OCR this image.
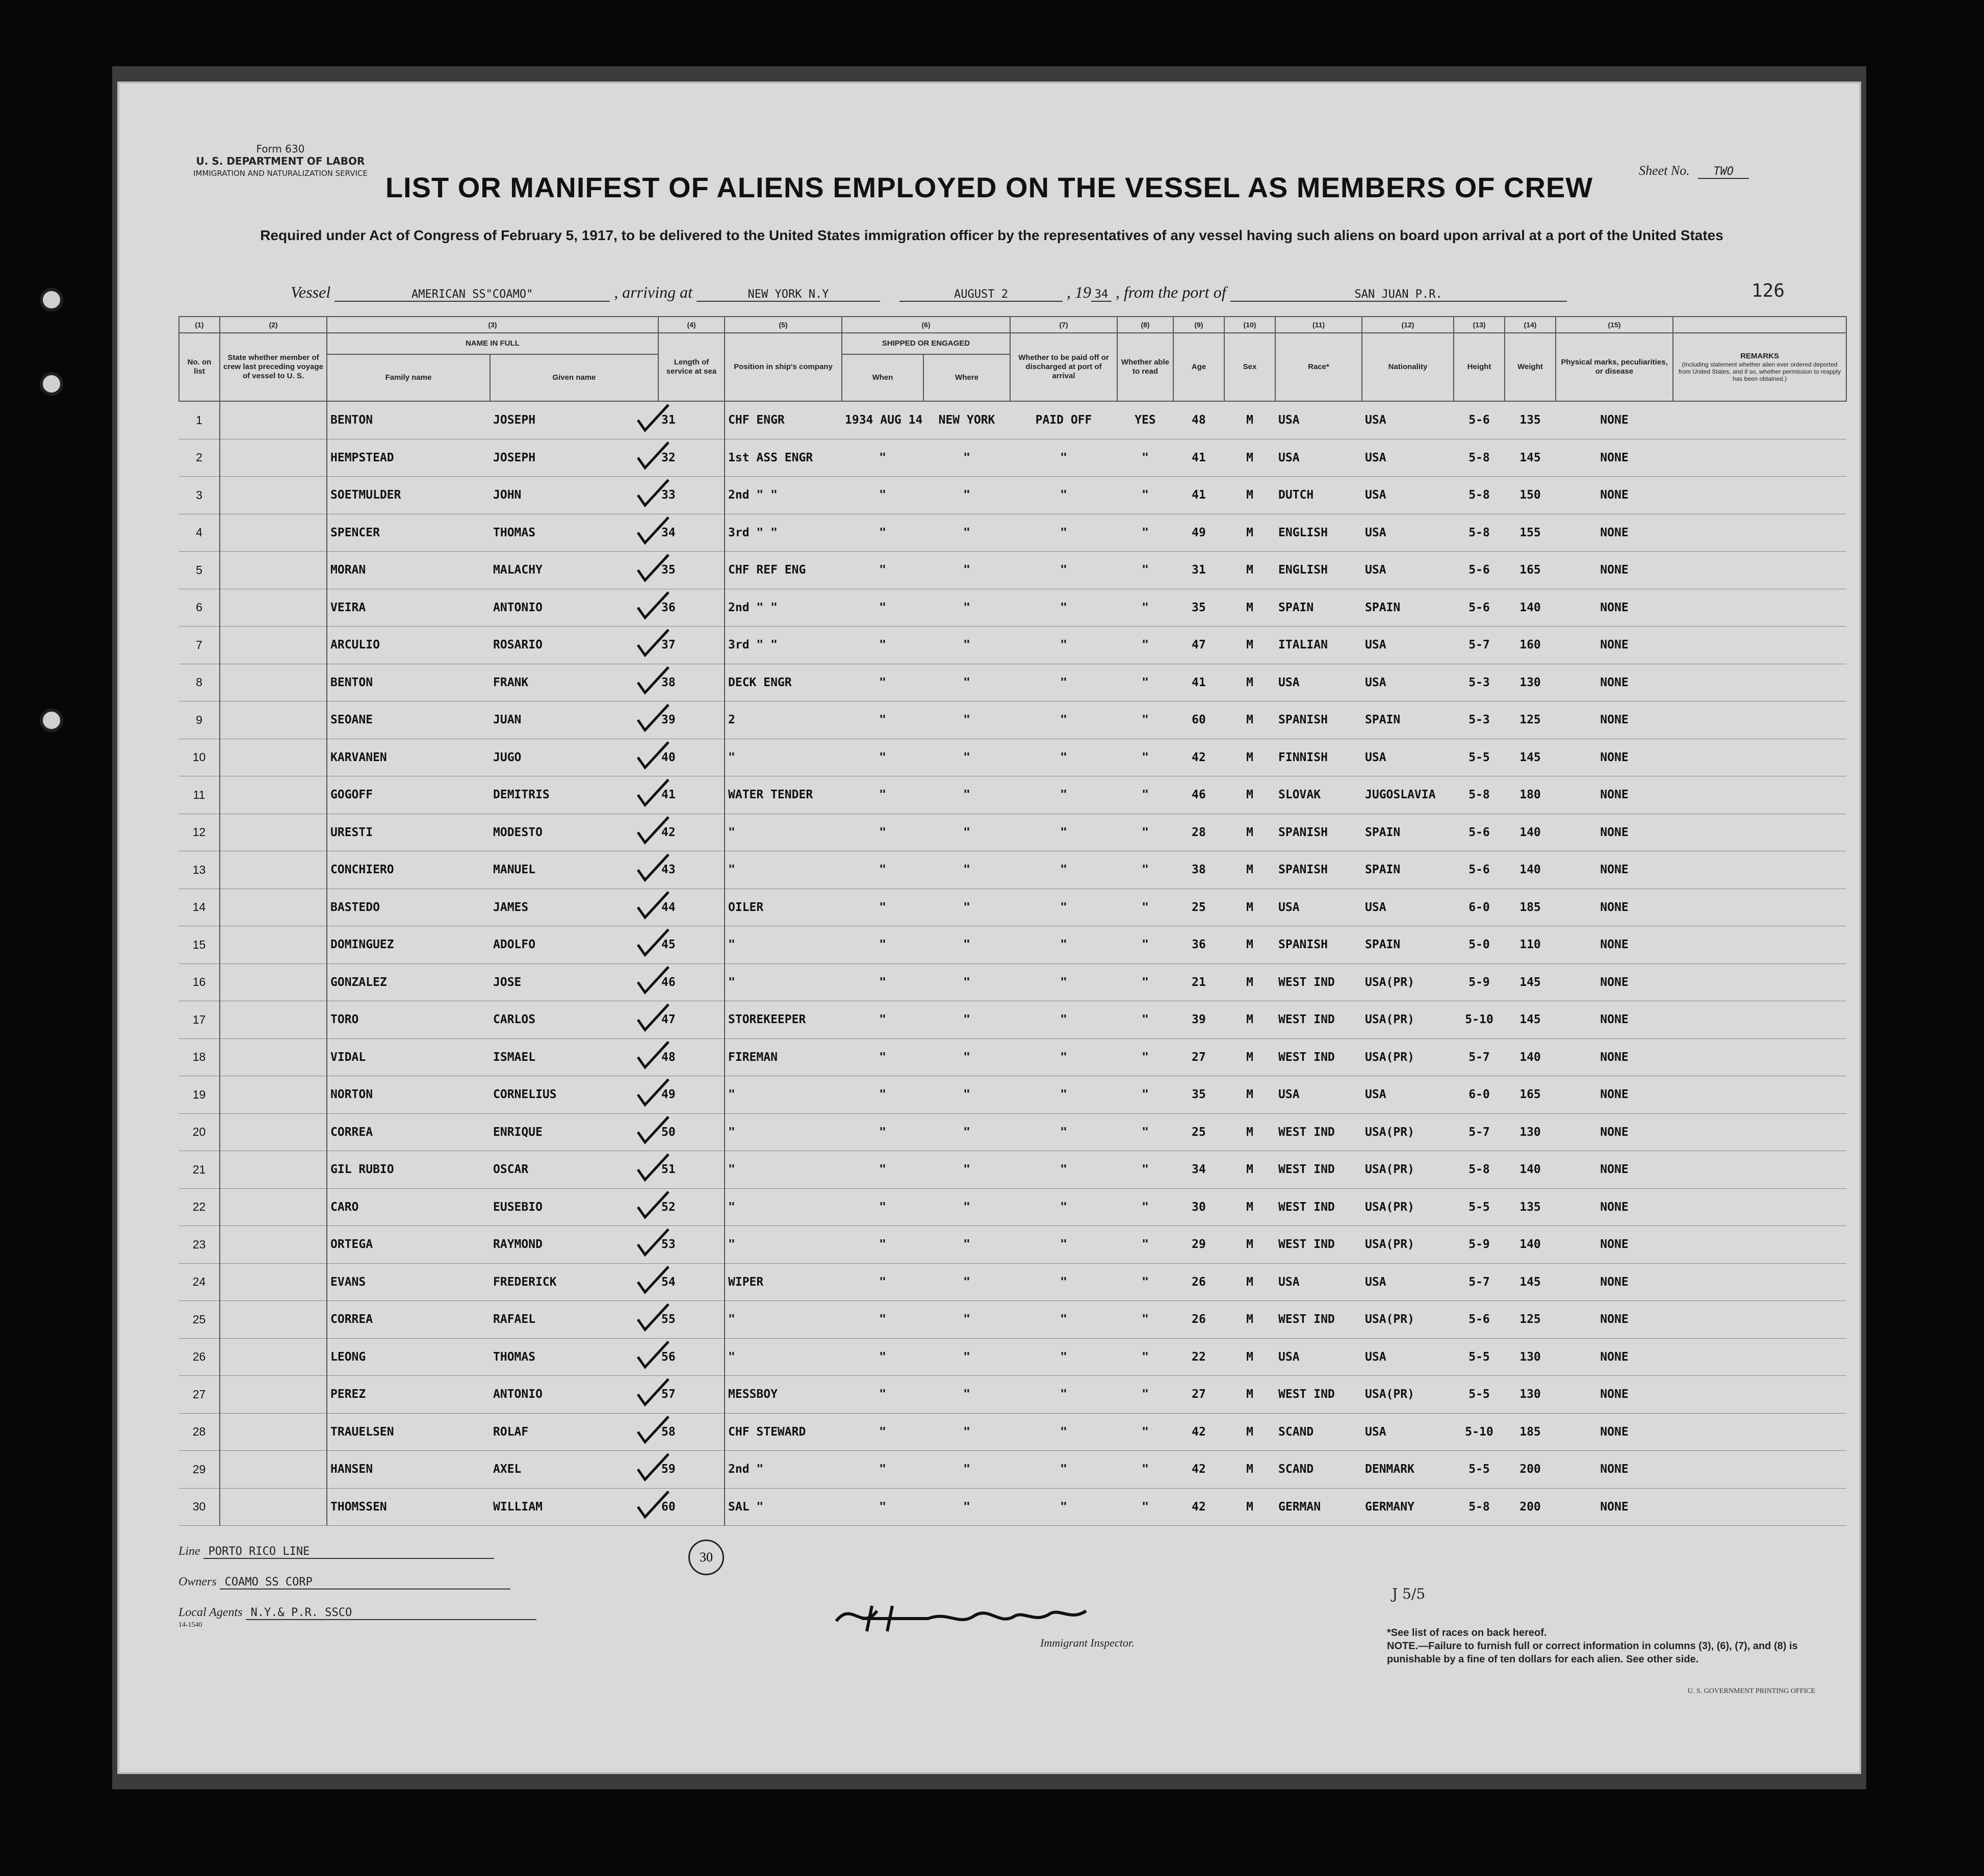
Form 630
U. S. DEPARTMENT OF LABOR
IMMIGRATION AND NATURALIZATION SERVICE	Sheet No. TWO
LIST OR MANIFEST OF ALIENS EMPLOYED ON THE VESSEL AS MEMBERS OF CREW
Required under Act of Congress of February 5, 1917, to be delivered to the United States immigration officer by the representatives of any vessel having such aliens on board upon arrival at a port of the United States
Vessel	AMERICAN SS"COAMO"	, arriving at	NEW YORK N.Y	AUGUST 2	, 19 34 , from the port of	SAN JUAN P.R.	126
(1)	(2)	(3)		(4)	(5)	(6)		(7)	(8)	(9)	(10)	(11)	(12)	(13)	(14)	(15)	
No. on list	State whether member of crew last preceding voyage of vessel to U. S.	NAME IN FULL		Length of service at sea	Position in ship's company	SHIPPED OR ENGAGED		Whether to be paid off or discharged at port of arrival	Whether able to read	Age	Sex	Race*	Nationality	Height	Weight	Physical marks, peculiarities, or disease	REMARKS
(Including statement whether alien ever ordered deported from United States, and if so, whether permission to reapply has been obtained.)

		Family name	Given name			When	Where										
1		BENTON	JOSEPH	31	CHF ENGR	1934 AUG 14	NEW YORK	PAID OFF	YES	48	M	USA	USA	5-6	135	NONE	
2		HEMPSTEAD	JOSEPH	32	1st ASS ENGR	"	"	"	"	41	M	USA	USA	5-8	145	NONE	
3		SOETMULDER	JOHN	33	2nd " "	"	"	"	"	41	M	DUTCH	USA	5-8	150	NONE	
4		SPENCER	THOMAS	34	3rd " "	"	"	"	"	49	M	ENGLISH	USA	5-8	155	NONE	
5		MORAN	MALACHY	35	CHF REF ENG	"	"	"	"	31	M	ENGLISH	USA	5-6	165	NONE	
6		VEIRA	ANTONIO	36	2nd " "	"	"	"	"	35	M	SPAIN	SPAIN	5-6	140	NONE	
7		ARCULIO	ROSARIO	37	3rd " "	"	"	"	"	47	M	ITALIAN	USA	5-7	160	NONE	
8		BENTON	FRANK	38	DECK ENGR	"	"	"	"	41	M	USA	USA	5-3	130	NONE	
9		SEOANE	JUAN	39	2	"	"	"	"	60	M	SPANISH	SPAIN	5-3	125	NONE	
10		KARVANEN	JUGO	40	"	"	"	"	"	42	M	FINNISH	USA	5-5	145	NONE	
11		GOGOFF	DEMITRIS	41	WATER TENDER	"	"	"	"	46	M	SLOVAK	JUGOSLAVIA	5-8	180	NONE	
12		URESTI	MODESTO	42	"	"	"	"	"	28	M	SPANISH	SPAIN	5-6	140	NONE	
13		CONCHIERO	MANUEL	43	"	"	"	"	"	38	M	SPANISH	SPAIN	5-6	140	NONE	
14		BASTEDO	JAMES	44	OILER	"	"	"	"	25	M	USA	USA	6-0	185	NONE	
15		DOMINGUEZ	ADOLFO	45	"	"	"	"	"	36	M	SPANISH	SPAIN	5-0	110	NONE	
16		GONZALEZ	JOSE	46	"	"	"	"	"	21	M	WEST IND	USA(PR)	5-9	145	NONE	
17		TORO	CARLOS	47	STOREKEEPER	"	"	"	"	39	M	WEST IND	USA(PR)	5-10	145	NONE	
18		VIDAL	ISMAEL	48	FIREMAN	"	"	"	"	27	M	WEST IND	USA(PR)	5-7	140	NONE	
19		NORTON	CORNELIUS	49	"	"	"	"	"	35	M	USA	USA	6-0	165	NONE	
20		CORREA	ENRIQUE	50	"	"	"	"	"	25	M	WEST IND	USA(PR)	5-7	130	NONE	
21		GIL RUBIO	OSCAR	51	"	"	"	"	"	34	M	WEST IND	USA(PR)	5-8	140	NONE	
22		CARO	EUSEBIO	52	"	"	"	"	"	30	M	WEST IND	USA(PR)	5-5	135	NONE	
23		ORTEGA	RAYMOND	53	"	"	"	"	"	29	M	WEST IND	USA(PR)	5-9	140	NONE	
24		EVANS	FREDERICK	54	WIPER	"	"	"	"	26	M	USA	USA	5-7	145	NONE	
25		CORREA	RAFAEL	55	"	"	"	"	"	26	M	WEST IND	USA(PR)	5-6	125	NONE	
26		LEONG	THOMAS	56	"	"	"	"	"	22	M	USA	USA	5-5	130	NONE	
27		PEREZ	ANTONIO	57	MESSBOY	"	"	"	"	27	M	WEST IND	USA(PR)	5-5	130	NONE	
28		TRAUELSEN	ROLAF	58	CHF STEWARD	"	"	"	"	42	M	SCAND	USA	5-10	185	NONE	
29		HANSEN	AXEL	59	2nd "	"	"	"	"	42	M	SCAND	DENMARK	5-5	200	NONE	
30		THOMSSEN	WILLIAM	60	SAL "	"	"	"	"	42	M	GERMAN	GERMANY	5-8	200	NONE	
Line PORTO RICO LINE
Owners COAMO SS CORP
Local Agents N.Y.& P.R. SSCO
14-1540
30
J 5/5
H. S. Crandall
Immigrant Inspector.
*See list of races on back hereof.
NOTE.—Failure to furnish full or correct information in columns (3), (6), (7), and (8) is punishable by a fine of ten dollars for each alien. See other side.
U. S. GOVERNMENT PRINTING OFFICE
